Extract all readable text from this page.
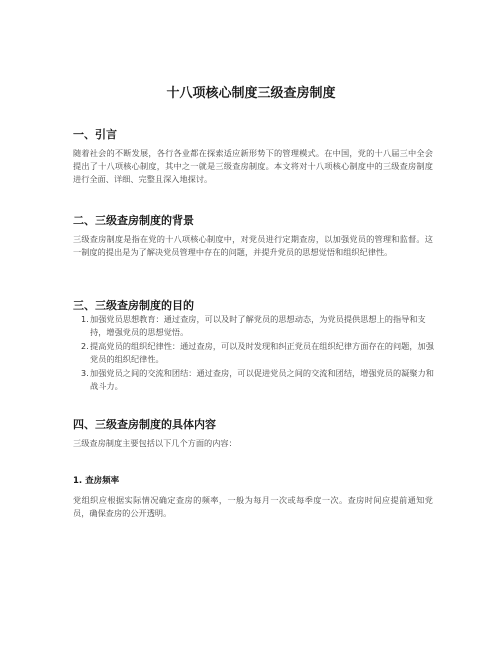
十八项核心制度三级查房制度
一、引言

随着社会的不断发展，各行各业都在探索适应新形势下的管理模式。在中国，党的十八届三中全会提出了十八项核心制度，其中之一就是三级查房制度。本文将对十八项核心制度中的三级查房制度进行全面、详细、完整且深入地探讨。

二、三级查房制度的背景

三级查房制度是指在党的十八项核心制度中，对党员进行定期查房，以加强党员的管理和监督。这一制度的提出是为了解决党员管理中存在的问题，并提升党员的思想觉悟和组织纪律性。

三、三级查房制度的目的
1. 加强党员思想教育：通过查房，可以及时了解党员的思想动态，为党员提供思想上的指导和支持，增强党员的思想觉悟。
2. 提高党员的组织纪律性：通过查房，可以及时发现和纠正党员在组织纪律方面存在的问题，加强党员的组织纪律性。
3. 加强党员之间的交流和团结：通过查房，可以促进党员之间的交流和团结，增强党员的凝聚力和战斗力。
四、三级查房制度的具体内容

三级查房制度主要包括以下几个方面的内容：

1. 查房频率

党组织应根据实际情况确定查房的频率，一般为每月一次或每季度一次。查房时间应提前通知党员，确保查房的公开透明。
